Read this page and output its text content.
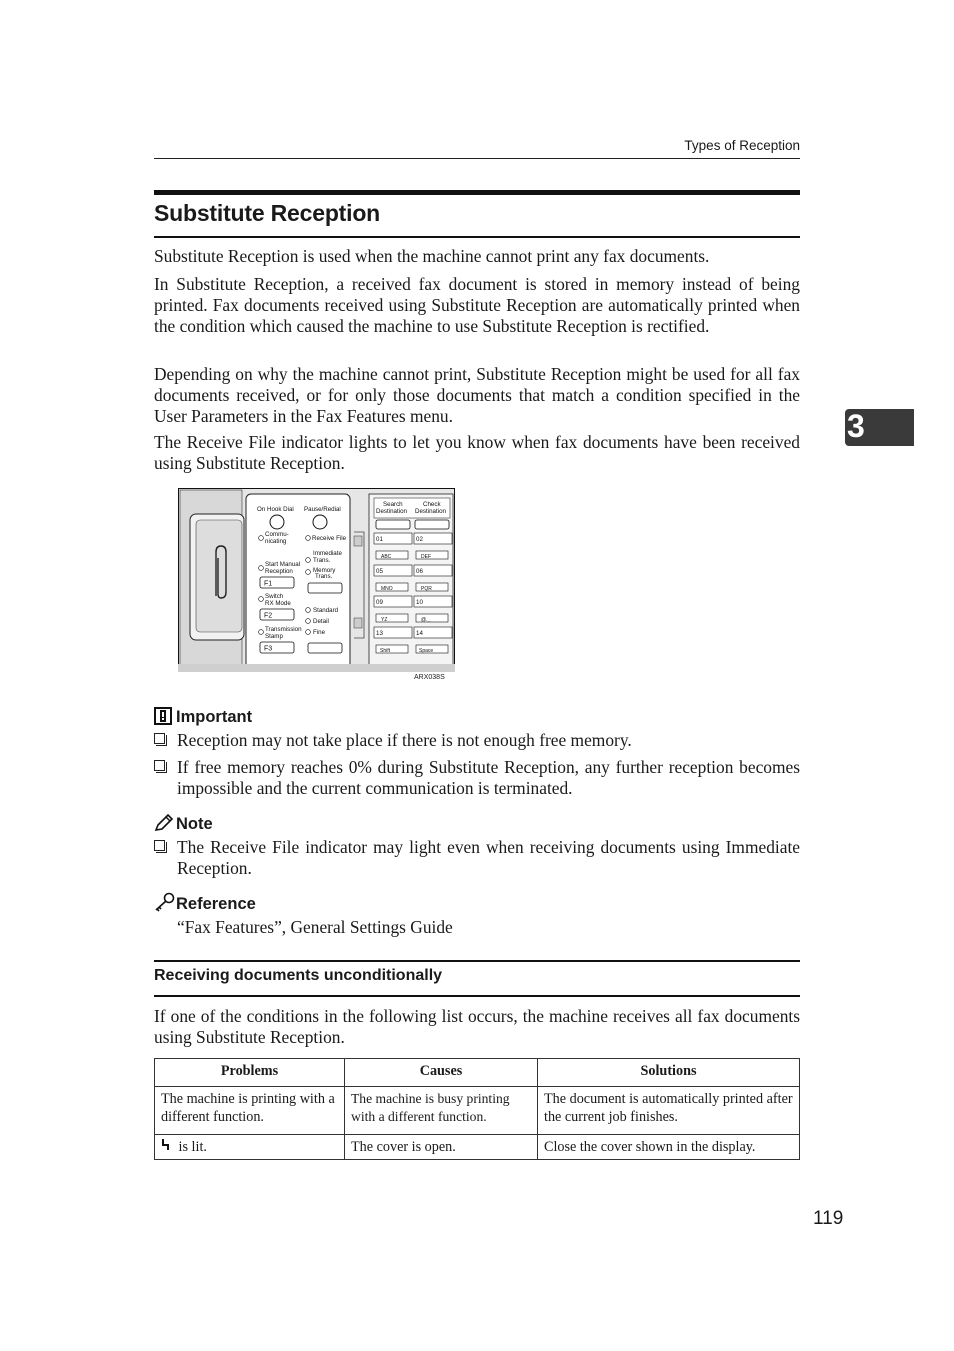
Types of Reception
Substitute Reception

Substitute Reception is used when the machine cannot print any fax documents.

In Substitute Reception, a received fax document is stored in memory instead of being printed. Fax documents received using Substitute Reception are automatically printed when the condition which caused the machine to use Substitute Reception is rectified.

Depending on why the machine cannot print, Substitute Reception might be used for all fax documents received, or for only those documents that match a condition specified in the User Parameters in the Fax Features menu.

The Receive File indicator lights to let you know when fax documents have been received using Substitute Reception.

3
On Hook Dial Pause/Redial
Commu-
nicating	Receive File
Immediate
Trans.
Start Manual
Reception	Memory
Trans.
F1
Switch
RX Mode
Standard
F2
Detail
Transmission
Stamp
Fine
F3
Search
Destination
Check
Destination
01	02
ABC	DEF
05	06
MNO	PQR
09	10
YZ	@._
13	14
Shift	Space
ARX038S
Important
Reception may not take place if there is not enough free memory.
If free memory reaches 0% during Substitute Reception, any further reception becomes impossible and the current communication is terminated.
Note
The Receive File indicator may light even when receiving documents using Immediate Reception.
Reference
“Fax Features”, General Settings Guide
Receiving documents unconditionally

If one of the conditions in the following list occurs, the machine receives all fax documents using Substitute Reception.

Problems	Causes	Solutions
The machine is printing with a different function.	The machine is busy printing with a different function.	The document is automatically printed after the current job finishes.
is lit.	The cover is open.	Close the cover shown in the display.
119
